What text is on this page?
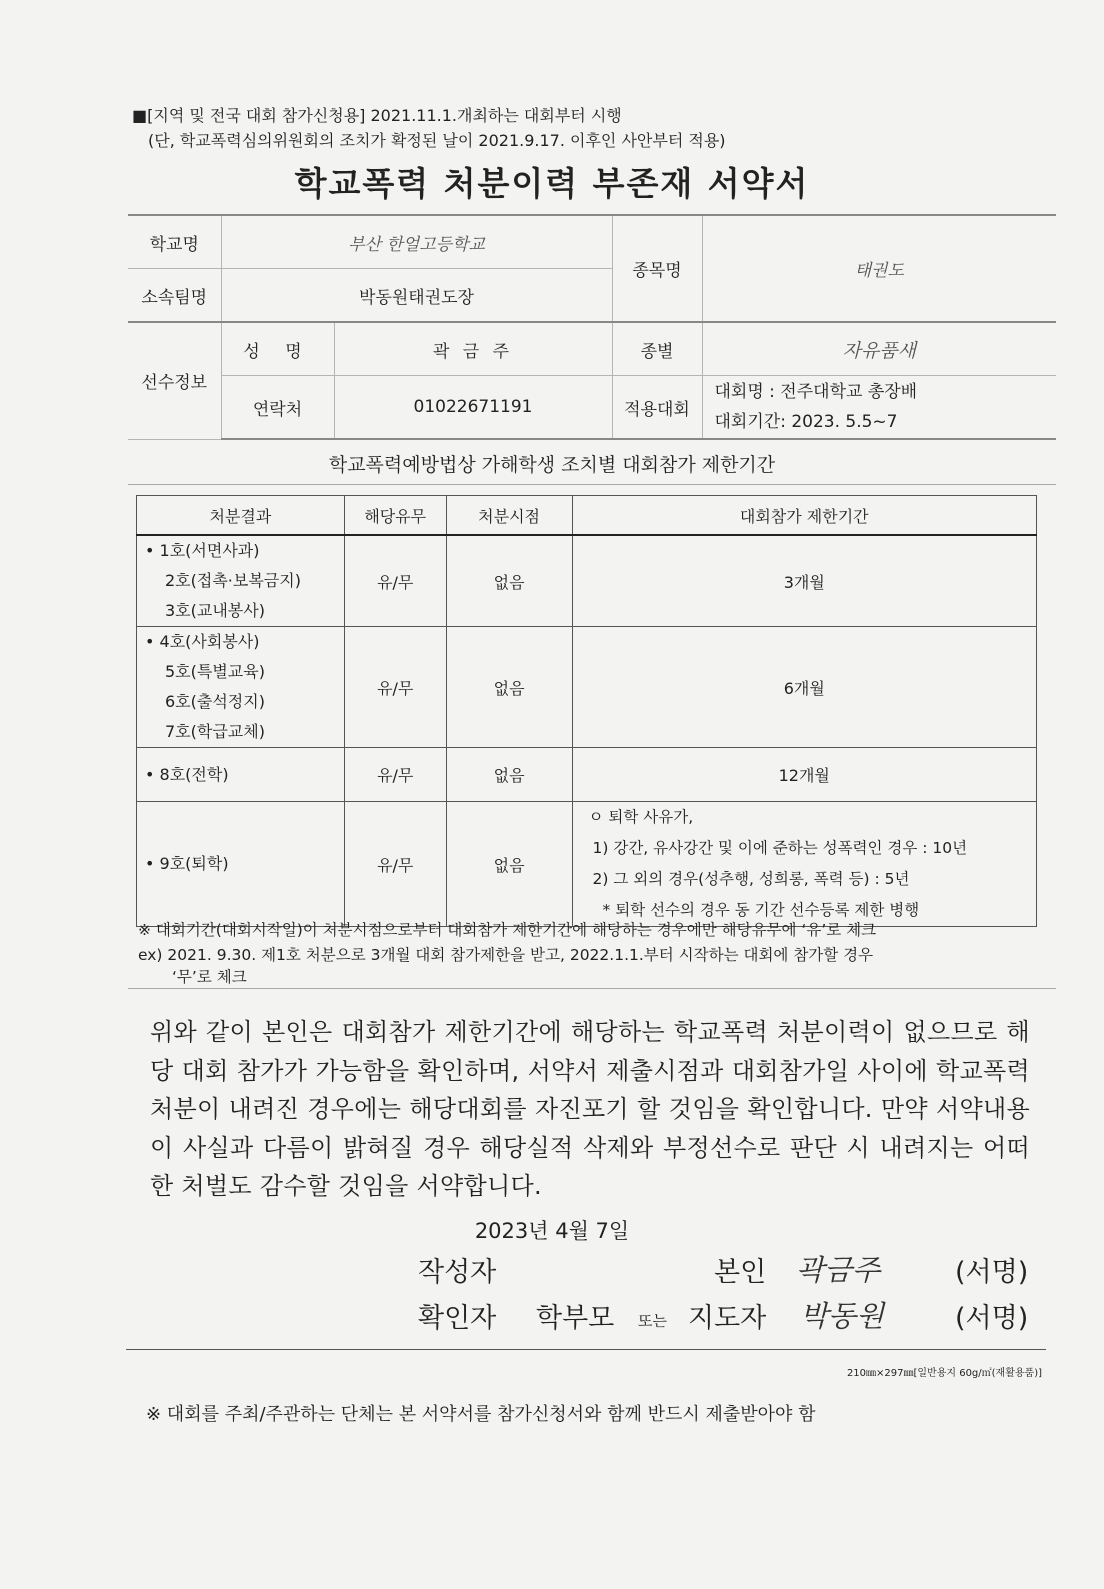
■[지역 및 전국 대회 참가신청용] 2021.11.1.개최하는 대회부터 시행
(단, 학교폭력심의위원회의 조치가 확정된 날이 2021.9.17. 이후인 사안부터 적용)
학교폭력 처분이력 부존재 서약서
학교명	부산 한얼고등학교		종목명	태권도
소속팀명	박동원태권도장			
선수정보	성 명	곽 금 주	종별	자유품새
	연락처	01022671191	적용대회	대회명 : 전주대학교 총장배
대회기간: 2023. 5.5~7
학교폭력예방법상 가해학생 조치별 대회참가 제한기간
처분결과	해당유무	처분시점	대회참가 제한기간

• 1호(서면사과)
2호(접촉·보복금지)
3호(교내봉사)	유/무	없음	3개월

• 4호(사회봉사)
5호(특별교육)
6호(출석정지)
7호(학급교체)	유/무	없음	6개월

• 8호(전학)	유/무	없음	12개월

• 9호(퇴학)	유/무	없음	ㅇ 퇴학 사유가,
1) 강간, 유사강간 및 이에 준하는 성폭력인 경우 : 10년
2) 그 외의 경우(성추행, 성희롱, 폭력 등) : 5년
* 퇴학 선수의 경우 동 기간 선수등록 제한 병행
※ 대회기간(대회시작일)이 처분시점으로부터 대회참가 제한기간에 해당하는 경우에만 해당유무에 ‘유’로 체크
ex) 2021. 9.30. 제1호 처분으로 3개월 대회 참가제한을 받고, 2022.1.1.부터 시작하는 대회에 참가할 경우
‘무’로 체크
위와 같이 본인은 대회참가 제한기간에 해당하는 학교폭력 처분이력이 없으므로 해당 대회 참가가 가능함을 확인하며, 서약서 제출시점과 대회참가일 사이에 학교폭력 처분이 내려진 경우에는 해당대회를 자진포기 할 것임을 확인합니다. 만약 서약내용이 사실과 다름이 밝혀질 경우 해당실적 삭제와 부정선수로 판단 시 내려지는 어떠한 처벌도 감수할 것임을 서약합니다.
2023년 4월 7일
작성자	본인 곽금주	(서명)
확인자 학부모 또는 지도자 박동원	(서명)
210㎜×297㎜[일반용지 60g/㎡(재활용품)]
※ 대회를 주최/주관하는 단체는 본 서약서를 참가신청서와 함께 반드시 제출받아야 함
